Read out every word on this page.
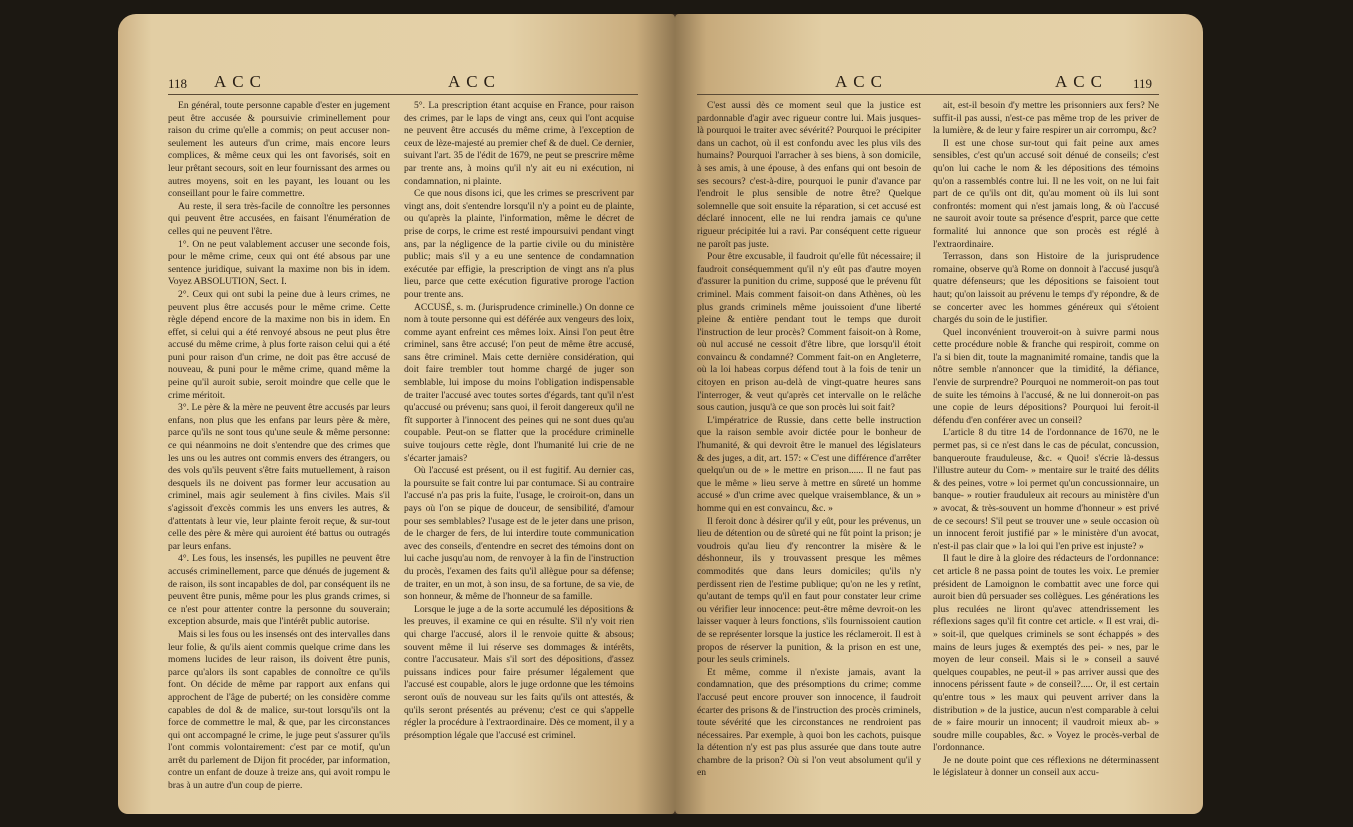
118 ACC	ACC

En général, toute personne capable d'ester en jugement peut être accusée & poursuivie criminellement pour raison du crime qu'elle a commis; on peut accuser non-seulement les auteurs d'un crime, mais encore leurs complices, & même ceux qui les ont favorisés, soit en leur prêtant secours, soit en leur fournissant des armes ou autres moyens, soit en les payant, les louant ou les conseillant pour le faire commettre.

Au reste, il sera très-facile de connoître les personnes qui peuvent être accusées, en faisant l'énumération de celles qui ne peuvent l'être.

1°. On ne peut valablement accuser une seconde fois, pour le même crime, ceux qui ont été absous par une sentence juridique, suivant la maxime non bis in idem. Voyez ABSOLUTION, Sect. I.

2°. Ceux qui ont subi la peine due à leurs crimes, ne peuvent plus être accusés pour le même crime. Cette règle dépend encore de la maxime non bis in idem. En effet, si celui qui a été renvoyé absous ne peut plus être accusé du même crime, à plus forte raison celui qui a été puni pour raison d'un crime, ne doit pas être accusé de nouveau, & puni pour le même crime, quand même la peine qu'il auroit subie, seroit moindre que celle que le crime méritoit.

3°. Le père & la mère ne peuvent être accusés par leurs enfans, non plus que les enfans par leurs père & mère, parce qu'ils ne sont tous qu'une seule & même personne: ce qui néanmoins ne doit s'entendre que des crimes que les uns ou les autres ont commis envers des étrangers, ou des vols qu'ils peuvent s'être faits mutuellement, à raison desquels ils ne doivent pas former leur accusation au criminel, mais agir seulement à fins civiles. Mais s'il s'agissoit d'excès commis les uns envers les autres, & d'attentats à leur vie, leur plainte feroit reçue, & sur-tout celle des père & mère qui auroient été battus ou outragés par leurs enfans.

4°. Les fous, les insensés, les pupilles ne peuvent être accusés criminellement, parce que dénués de jugement & de raison, ils sont incapables de dol, par conséquent ils ne peuvent être punis, même pour les plus grands crimes, si ce n'est pour attenter contre la personne du souverain; exception absurde, mais que l'intérêt public autorise.

Mais si les fous ou les insensés ont des intervalles dans leur folie, & qu'ils aient commis quelque crime dans les momens lucides de leur raison, ils doivent être punis, parce qu'alors ils sont capables de connoître ce qu'ils font. On décide de même par rapport aux enfans qui approchent de l'âge de puberté; on les considère comme capables de dol & de malice, sur-tout lorsqu'ils ont la force de commettre le mal, & que, par les circonstances qui ont accompagné le crime, le juge peut s'assurer qu'ils l'ont commis volontairement: c'est par ce motif, qu'un arrêt du parlement de Dijon fit procéder, par information, contre un enfant de douze à treize ans, qui avoit rompu le bras à un autre d'un coup de pierre.

5°. La prescription étant acquise en France, pour raison des crimes, par le laps de vingt ans, ceux qui l'ont acquise ne peuvent être accusés du même crime, à l'exception de ceux de lèze-majesté au premier chef & de duel. Ce dernier, suivant l'art. 35 de l'édit de 1679, ne peut se prescrire même par trente ans, à moins qu'il n'y ait eu ni exécution, ni condamnation, ni plainte.

Ce que nous disons ici, que les crimes se prescrivent par vingt ans, doit s'entendre lorsqu'il n'y a point eu de plainte, ou qu'après la plainte, l'information, même le décret de prise de corps, le crime est resté impoursuivi pendant vingt ans, par la négligence de la partie civile ou du ministère public; mais s'il y a eu une sentence de condamnation exécutée par effigie, la prescription de vingt ans n'a plus lieu, parce que cette exécution figurative proroge l'action pour trente ans.

ACCUSÉ, s. m. (Jurisprudence criminelle.) On donne ce nom à toute personne qui est déférée aux vengeurs des loix, comme ayant enfreint ces mêmes loix. Ainsi l'on peut être criminel, sans être accusé; l'on peut de même être accusé, sans être criminel. Mais cette dernière considération, qui doit faire trembler tout homme chargé de juger son semblable, lui impose du moins l'obligation indispensable de traiter l'accusé avec toutes sortes d'égards, tant qu'il n'est qu'accusé ou prévenu; sans quoi, il feroit dangereux qu'il ne fît supporter à l'innocent des peines qui ne sont dues qu'au coupable. Peut-on se flatter que la procédure criminelle suive toujours cette règle, dont l'humanité lui crie de ne s'écarter jamais?

Où l'accusé est présent, ou il est fugitif. Au dernier cas, la poursuite se fait contre lui par contumace. Si au contraire l'accusé n'a pas pris la fuite, l'usage, le croiroit-on, dans un pays où l'on se pique de douceur, de sensibilité, d'amour pour ses semblables? l'usage est de le jeter dans une prison, de le charger de fers, de lui interdire toute communication avec des conseils, d'entendre en secret des témoins dont on lui cache jusqu'au nom, de renvoyer à la fin de l'instruction du procès, l'examen des faits qu'il allègue pour sa défense; de traiter, en un mot, à son insu, de sa fortune, de sa vie, de son honneur, & même de l'honneur de sa famille.

Lorsque le juge a de la sorte accumulé les dépositions & les preuves, il examine ce qui en résulte. S'il n'y voit rien qui charge l'accusé, alors il le renvoie quitte & absous; souvent même il lui réserve ses dommages & intérêts, contre l'accusateur. Mais s'il sort des dépositions, d'assez puissans indices pour faire présumer légalement que l'accusé est coupable, alors le juge ordonne que les témoins seront ouïs de nouveau sur les faits qu'ils ont attestés, & qu'ils seront présentés au prévenu; c'est ce qui s'appelle régler la procédure à l'extraordinaire. Dès ce moment, il y a présomption légale que l'accusé est criminel.

ACC	ACC 119

C'est aussi dès ce moment seul que la justice est pardonnable d'agir avec rigueur contre lui. Mais jusques-là pourquoi le traiter avec sévérité? Pourquoi le précipiter dans un cachot, où il est confondu avec les plus vils des humains? Pourquoi l'arracher à ses biens, à son domicile, à ses amis, à une épouse, à des enfans qui ont besoin de ses secours? c'est-à-dire, pourquoi le punir d'avance par l'endroit le plus sensible de notre être? Quelque solemnelle que soit ensuite la réparation, si cet accusé est déclaré innocent, elle ne lui rendra jamais ce qu'une rigueur précipitée lui a ravi. Par conséquent cette rigueur ne paroît pas juste.

Pour être excusable, il faudroit qu'elle fût nécessaire; il faudroit conséquemment qu'il n'y eût pas d'autre moyen d'assurer la punition du crime, supposé que le prévenu fût criminel. Mais comment faisoit-on dans Athènes, où les plus grands criminels même jouissoient d'une liberté pleine & entière pendant tout le temps que duroit l'instruction de leur procès? Comment faisoit-on à Rome, où nul accusé ne cessoit d'être libre, que lorsqu'il étoit convaincu & condamné? Comment fait-on en Angleterre, où la loi habeas corpus défend tout à la fois de tenir un citoyen en prison au-delà de vingt-quatre heures sans l'interroger, & veut qu'après cet intervalle on le relâche sous caution, jusqu'à ce que son procès lui soit fait?

L'impératrice de Russie, dans cette belle instruction que la raison semble avoir dictée pour le bonheur de l'humanité, & qui devroit être le manuel des législateurs & des juges, a dit, art. 157: « C'est une différence d'arrêter quelqu'un ou de » le mettre en prison...... Il ne faut pas que le même » lieu serve à mettre en sûreté un homme accusé » d'un crime avec quelque vraisemblance, & un » homme qui en est convaincu, &c. »

Il feroit donc à désirer qu'il y eût, pour les prévenus, un lieu de détention ou de sûreté qui ne fût point la prison; je voudrois qu'au lieu d'y rencontrer la misère & le déshonneur, ils y trouvassent presque les mêmes commodités que dans leurs domiciles; qu'ils n'y perdissent rien de l'estime publique; qu'on ne les y retînt, qu'autant de temps qu'il en faut pour constater leur crime ou vérifier leur innocence: peut-être même devroit-on les laisser vaquer à leurs fonctions, s'ils fournissoient caution de se représenter lorsque la justice les réclameroit. Il est à propos de réserver la punition, & la prison en est une, pour les seuls criminels.

Et même, comme il n'existe jamais, avant la condamnation, que des présomptions du crime; comme l'accusé peut encore prouver son innocence, il faudroit écarter des prisons & de l'instruction des procès criminels, toute sévérité que les circonstances ne rendroient pas nécessaires. Par exemple, à quoi bon les cachots, puisque la détention n'y est pas plus assurée que dans toute autre chambre de la prison? Où si l'on veut absolument qu'il y en

ait, est-il besoin d'y mettre les prisonniers aux fers? Ne suffit-il pas aussi, n'est-ce pas même trop de les priver de la lumière, & de leur y faire respirer un air corrompu, &c?

Il est une chose sur-tout qui fait peine aux ames sensibles, c'est qu'un accusé soit dénué de conseils; c'est qu'on lui cache le nom & les dépositions des témoins qu'on a rassemblés contre lui. Il ne les voit, on ne lui fait part de ce qu'ils ont dit, qu'au moment où ils lui sont confrontés: moment qui n'est jamais long, & où l'accusé ne sauroit avoir toute sa présence d'esprit, parce que cette formalité lui annonce que son procès est réglé à l'extraordinaire.

Terrasson, dans son Histoire de la jurisprudence romaine, observe qu'à Rome on donnoit à l'accusé jusqu'à quatre défenseurs; que les dépositions se faisoient tout haut; qu'on laissoit au prévenu le temps d'y répondre, & de se concerter avec les hommes généreux qui s'étoient chargés du soin de le justifier.

Quel inconvénient trouveroit-on à suivre parmi nous cette procédure noble & franche qui respiroit, comme on l'a si bien dit, toute la magnanimité romaine, tandis que la nôtre semble n'annoncer que la timidité, la défiance, l'envie de surprendre? Pourquoi ne nommeroit-on pas tout de suite les témoins à l'accusé, & ne lui donneroit-on pas une copie de leurs dépositions? Pourquoi lui feroit-il défendu d'en conférer avec un conseil?

L'article 8 du titre 14 de l'ordonnance de 1670, ne le permet pas, si ce n'est dans le cas de péculat, concussion, banqueroute frauduleuse, &c. « Quoi! s'écrie là-dessus l'illustre auteur du Com- » mentaire sur le traité des délits & des peines, votre » loi permet qu'un concussionnaire, un banque- » routier frauduleux ait recours au ministère d'un » avocat, & très-souvent un homme d'honneur » est privé de ce secours! S'il peut se trouver une » seule occasion où un innocent feroit justifié par » le ministère d'un avocat, n'est-il pas clair que » la loi qui l'en prive est injuste? »

Il faut le dire à la gloire des rédacteurs de l'ordonnance: cet article 8 ne passa point de toutes les voix. Le premier président de Lamoignon le combattit avec une force qui auroit bien dû persuader ses collègues. Les générations les plus reculées ne liront qu'avec attendrissement les réflexions sages qu'il fit contre cet article. « Il est vrai, di- » soit-il, que quelques criminels se sont échappés » des mains de leurs juges & exemptés des pei- » nes, par le moyen de leur conseil. Mais si le » conseil a sauvé quelques coupables, ne peut-il » pas arriver aussi que des innocens périssent faute » de conseil?..... Or, il est certain qu'entre tous » les maux qui peuvent arriver dans la distribution » de la justice, aucun n'est comparable à celui de » faire mourir un innocent; il vaudroit mieux ab- » soudre mille coupables, &c. » Voyez le procès-verbal de l'ordonnance.

Je ne doute point que ces réflexions ne déterminassent le législateur à donner un conseil aux accu-
